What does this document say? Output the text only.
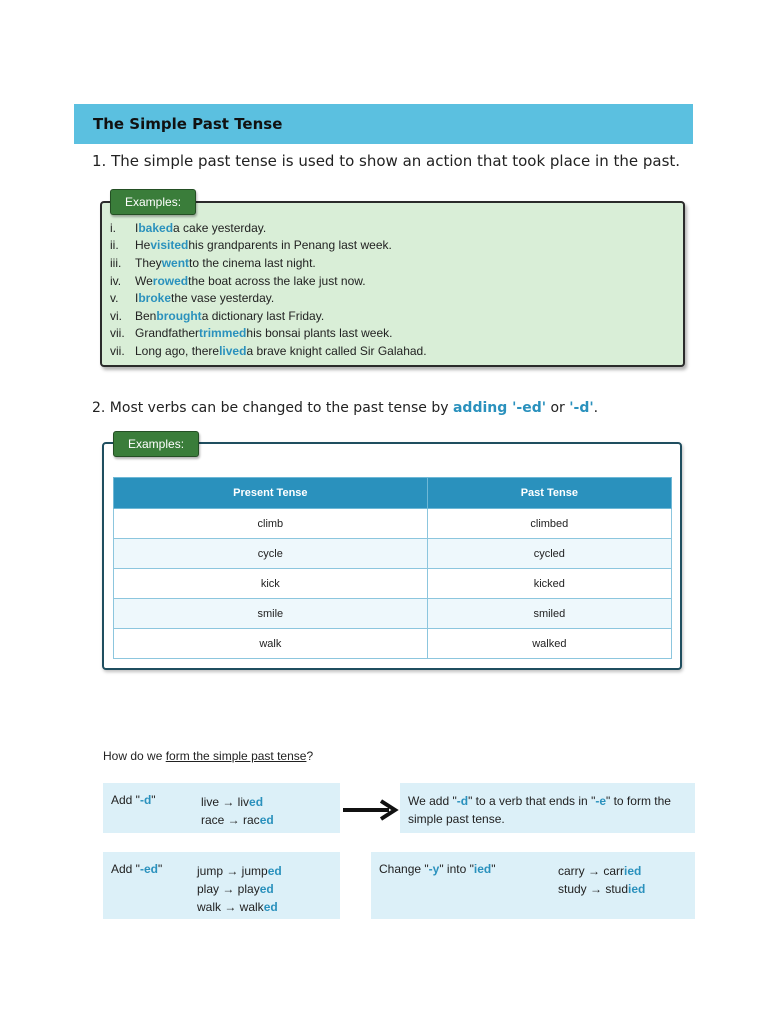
The Simple Past Tense
1. The simple past tense is used to show an action that took place in the past.
Examples:
i.	I baked a cake yesterday.
ii.	He visited his grandparents in Penang last week.
iii.	They went to the cinema last night.
iv.	We rowed the boat across the lake just now.
v.	I broke the vase yesterday.
vi.	Ben brought a dictionary last Friday.
vii. Grandfather trimmed his bonsai plants last week.
vii. Long ago, there lived a brave knight called Sir Galahad.
2. Most verbs can be changed to the past tense by adding '-ed' or '-d'.
Examples:
Present Tense	Past Tense
climb	climbed
cycle	cycled
kick	kicked
smile	smiled
walk	walked
How do we form the simple past tense?
Add "-d"	live → lived
race → raced
We add "-d" to a verb that ends in "-e" to form the simple past tense.
Add "-ed"	jump → jumped
play → played
walk → walked
Change "-y" into "ied"	carry → carried
study → studied
